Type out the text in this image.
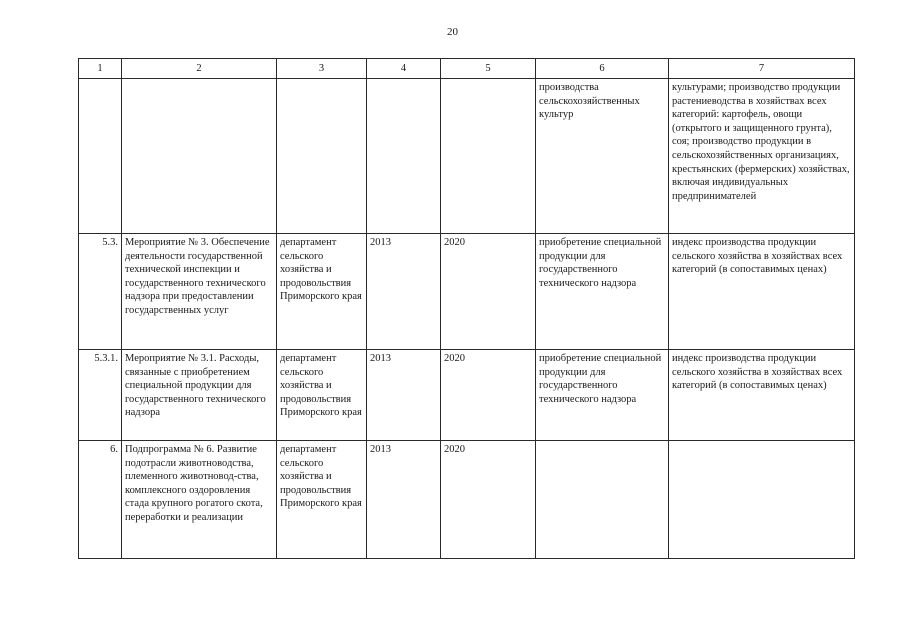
20
1	2	3	4	5	6	7
					производства сельскохозяйственных культур	культурами; производство продукции растениеводства в хозяйствах всех категорий: картофель, овощи (открытого и защищенного грунта), соя; производство продукции в сельскохозяйственных организациях, крестьянских (фермерских) хозяйствах, включая индивидуальных предпринимателей
5.3.	Мероприятие № 3. Обеспечение деятельности государственной технической инспекции и государственного технического надзора при предоставлении государственных услуг	департамент сельского хозяйства и продовольствия Приморского края	2013	2020	приобретение специальной продукции для государственного технического надзора	индекс производства продукции сельского хозяйства в хозяйствах всех категорий (в сопоставимых ценах)
5.3.1.	Мероприятие № 3.1. Расходы, связанные с приобретением специальной продукции для государственного технического надзора	департамент сельского хозяйства и продовольствия Приморского края	2013	2020	приобретение специальной продукции для государственного технического надзора	индекс производства продукции сельского хозяйства в хозяйствах всех категорий (в сопоставимых ценах)
6.	Подпрограмма № 6. Развитие подотрасли животноводства, племенного животновод-ства, комплексного оздоровления стада крупного рогатого скота, переработки и реализации	департамент сельского хозяйства и продовольствия Приморского края	2013	2020		
